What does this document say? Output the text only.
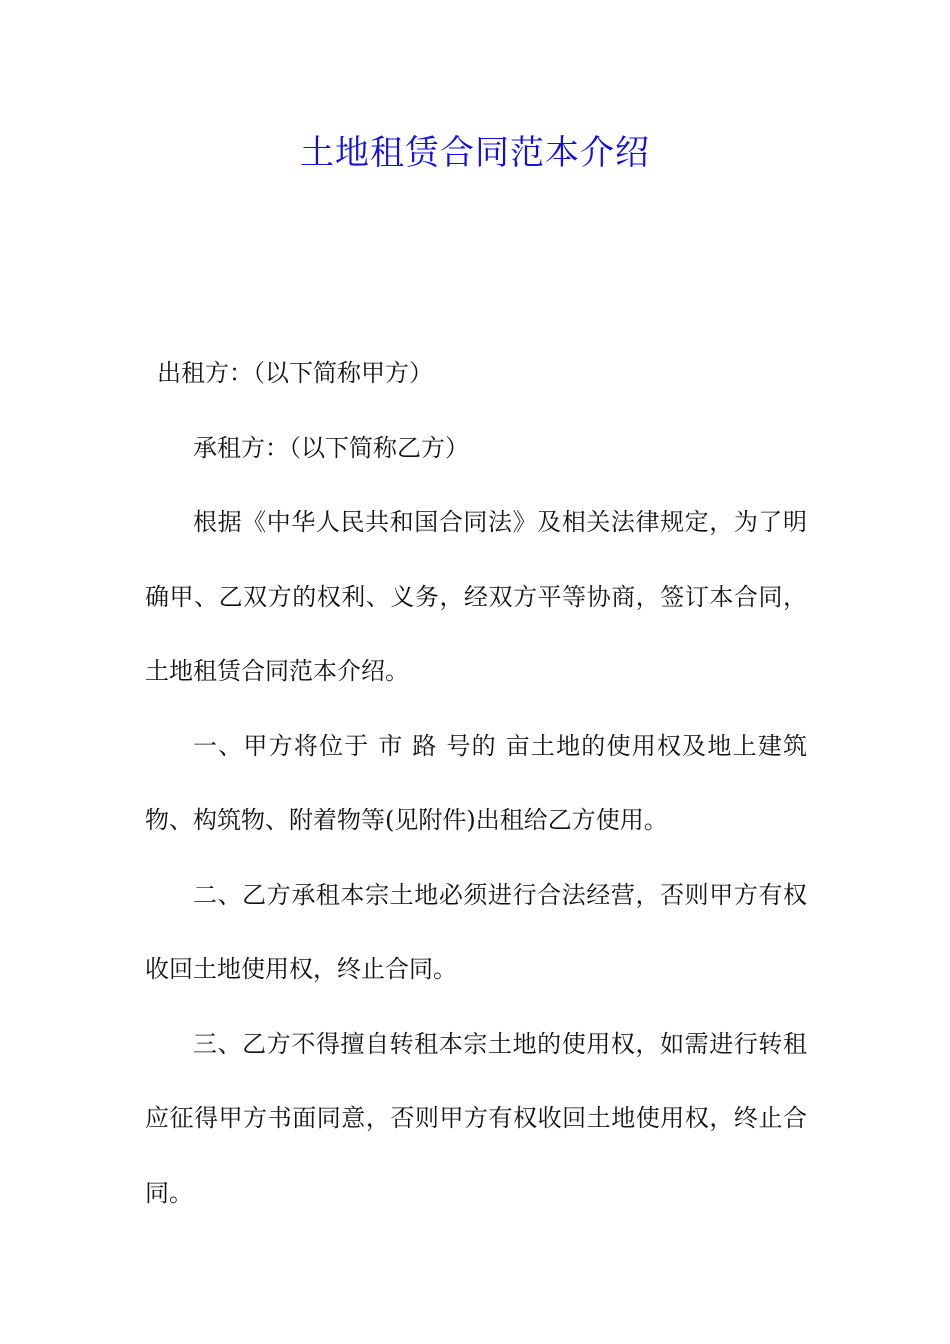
土地租赁合同范本介绍

出租方：（以下简称甲方）

承租方：（以下简称乙方）

根据《中华人民共和国合同法》及相关法律规定，为了明确甲、乙双方的权利、义务，经双方平等协商，签订本合同，土地租赁合同范本介绍。

一、甲方将位于 市 路 号的 亩土地的使用权及地上建筑物、构筑物、附着物等(见附件)出租给乙方使用。

二、乙方承租本宗土地必须进行合法经营，否则甲方有权收回土地使用权，终止合同。

三、乙方不得擅自转租本宗土地的使用权，如需进行转租应征得甲方书面同意，否则甲方有权收回土地使用权，终止合同。
